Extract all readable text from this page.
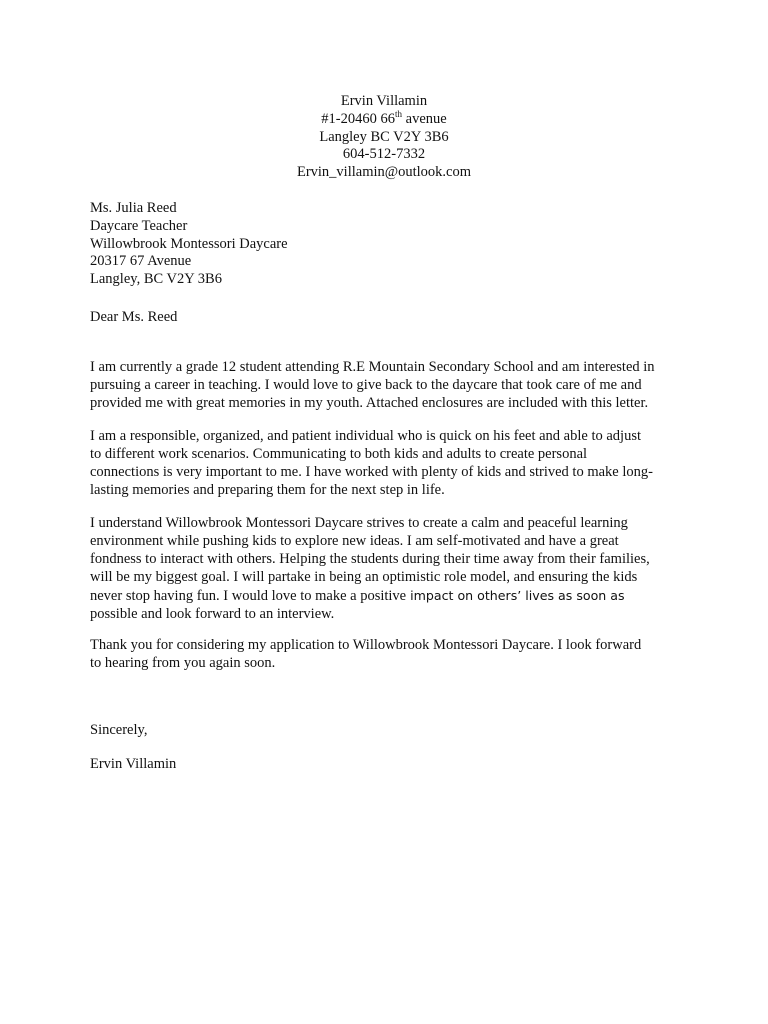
Ervin Villamin
#1-20460 66th avenue
Langley BC V2Y 3B6
604-512-7332
Ervin_villamin@outlook.com
Ms. Julia Reed
Daycare Teacher
Willowbrook Montessori Daycare
20317 67 Avenue
Langley, BC V2Y 3B6
Dear Ms. Reed
I am currently a grade 12 student attending R.E Mountain Secondary School and am interested in
pursuing a career in teaching. I would love to give back to the daycare that took care of me and
provided me with great memories in my youth. Attached enclosures are included with this letter.
I am a responsible, organized, and patient individual who is quick on his feet and able to adjust
to different work scenarios. Communicating to both kids and adults to create personal
connections is very important to me. I have worked with plenty of kids and strived to make long-
lasting memories and preparing them for the next step in life.
I understand Willowbrook Montessori Daycare strives to create a calm and peaceful learning
environment while pushing kids to explore new ideas. I am self-motivated and have a great
fondness to interact with others. Helping the students during their time away from their families,
will be my biggest goal. I will partake in being an optimistic role model, and ensuring the kids
never stop having fun. I would love to make a positive impact on others’ lives as soon as
possible and look forward to an interview.
Thank you for considering my application to Willowbrook Montessori Daycare. I look forward
to hearing from you again soon.
Sincerely,
Ervin Villamin
